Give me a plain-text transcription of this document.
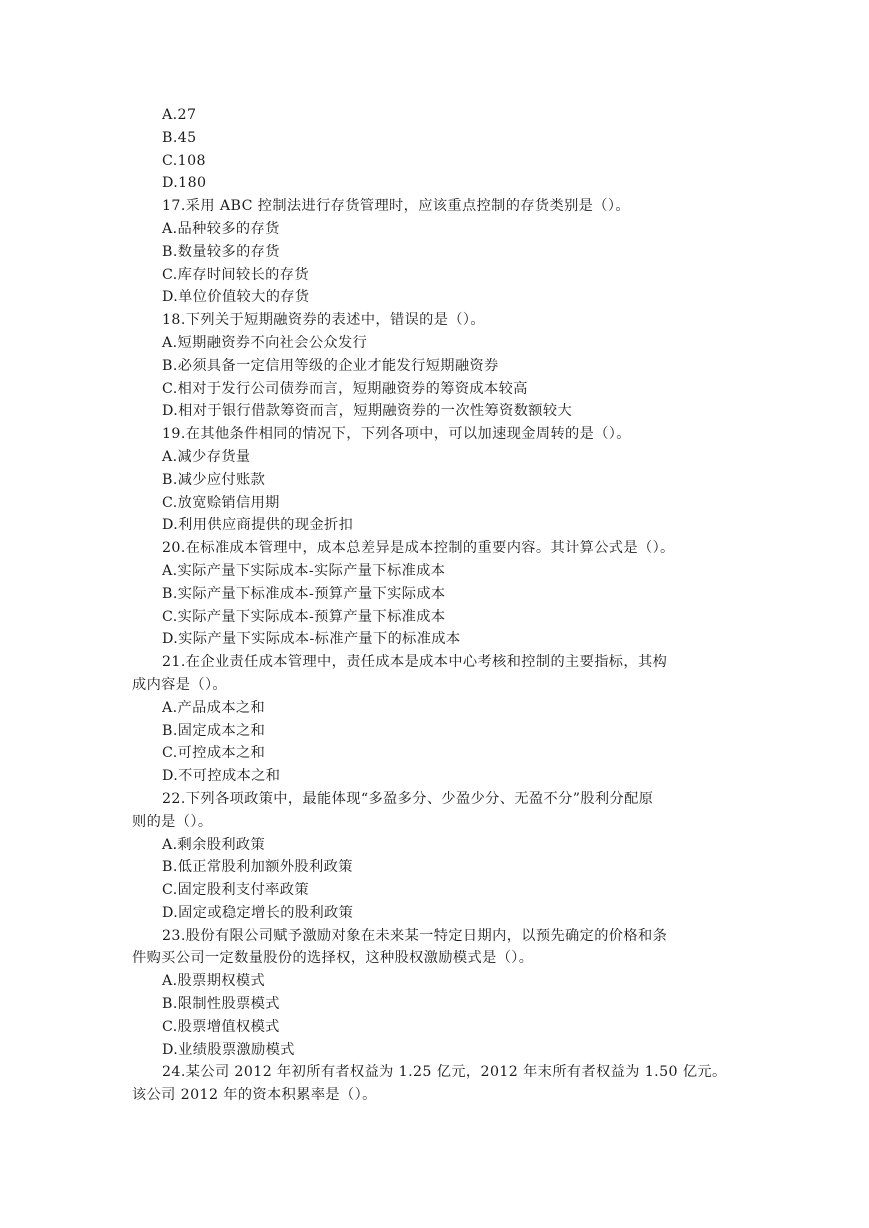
A.27
B.45
C.108
D.180
17.采用 ABC 控制法进行存货管理时，应该重点控制的存货类别是（）。
A.品种较多的存货
B.数量较多的存货
C.库存时间较长的存货
D.单位价值较大的存货
18.下列关于短期融资券的表述中，错误的是（）。
A.短期融资券不向社会公众发行
B.必须具备一定信用等级的企业才能发行短期融资券
C.相对于发行公司债券而言，短期融资券的筹资成本较高
D.相对于银行借款筹资而言，短期融资券的一次性筹资数额较大
19.在其他条件相同的情况下，下列各项中，可以加速现金周转的是（）。
A.减少存货量
B.减少应付账款
C.放宽赊销信用期
D.利用供应商提供的现金折扣
20.在标准成本管理中，成本总差异是成本控制的重要内容。其计算公式是（）。
A.实际产量下实际成本-实际产量下标准成本
B.实际产量下标准成本-预算产量下实际成本
C.实际产量下实际成本-预算产量下标准成本
D.实际产量下实际成本-标准产量下的标准成本
21.在企业责任成本管理中，责任成本是成本中心考核和控制的主要指标，其构
成内容是（）。
A.产品成本之和
B.固定成本之和
C.可控成本之和
D.不可控成本之和
22.下列各项政策中，最能体现“多盈多分、少盈少分、无盈不分”股利分配原
则的是（）。
A.剩余股利政策
B.低正常股利加额外股利政策
C.固定股利支付率政策
D.固定或稳定增长的股利政策
23.股份有限公司赋予激励对象在未来某一特定日期内，以预先确定的价格和条
件购买公司一定数量股份的选择权，这种股权激励模式是（）。
A.股票期权模式
B.限制性股票模式
C.股票增值权模式
D.业绩股票激励模式
24.某公司 2012 年初所有者权益为 1.25 亿元，2012 年末所有者权益为 1.50 亿元。
该公司 2012 年的资本积累率是（）。
